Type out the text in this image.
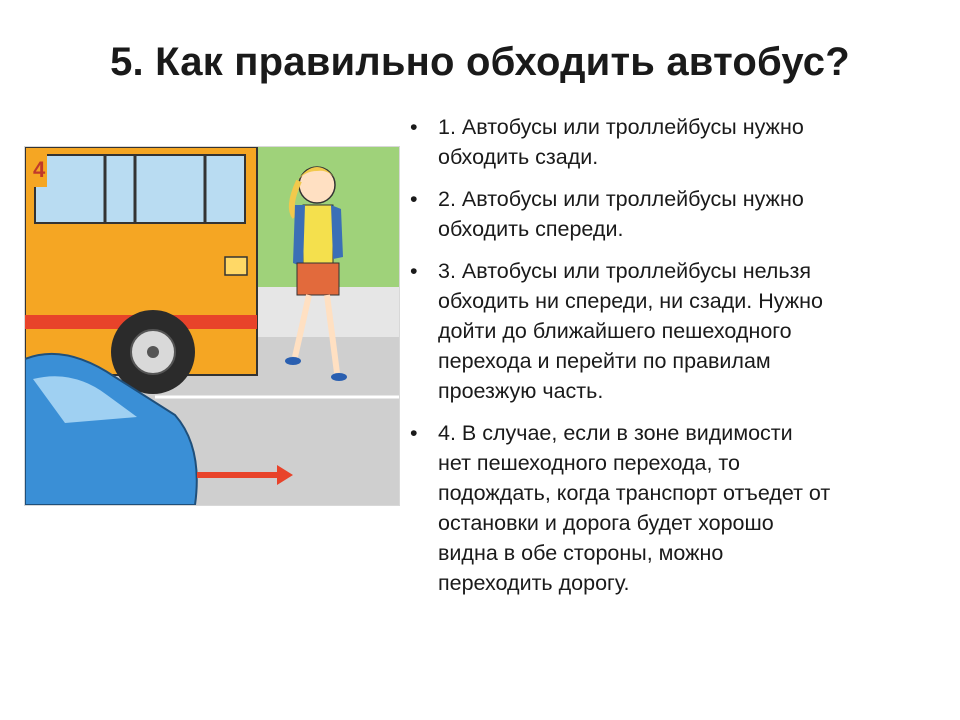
5. Как правильно обходить автобус?
4
• 1. Автобусы или троллейбусы нужно
обходить сзади.
• 2. Автобусы или троллейбусы нужно
обходить спереди.
• 3. Автобусы или троллейбусы нельзя
обходить ни спереди, ни сзади. Нужно
дойти до ближайшего пешеходного
перехода и перейти по правилам
проезжую часть.
• 4. В случае, если в зоне видимости
нет пешеходного перехода, то
подождать, когда транспорт отъедет от
остановки и дорога будет хорошо
видна в обе стороны, можно
переходить дорогу.
